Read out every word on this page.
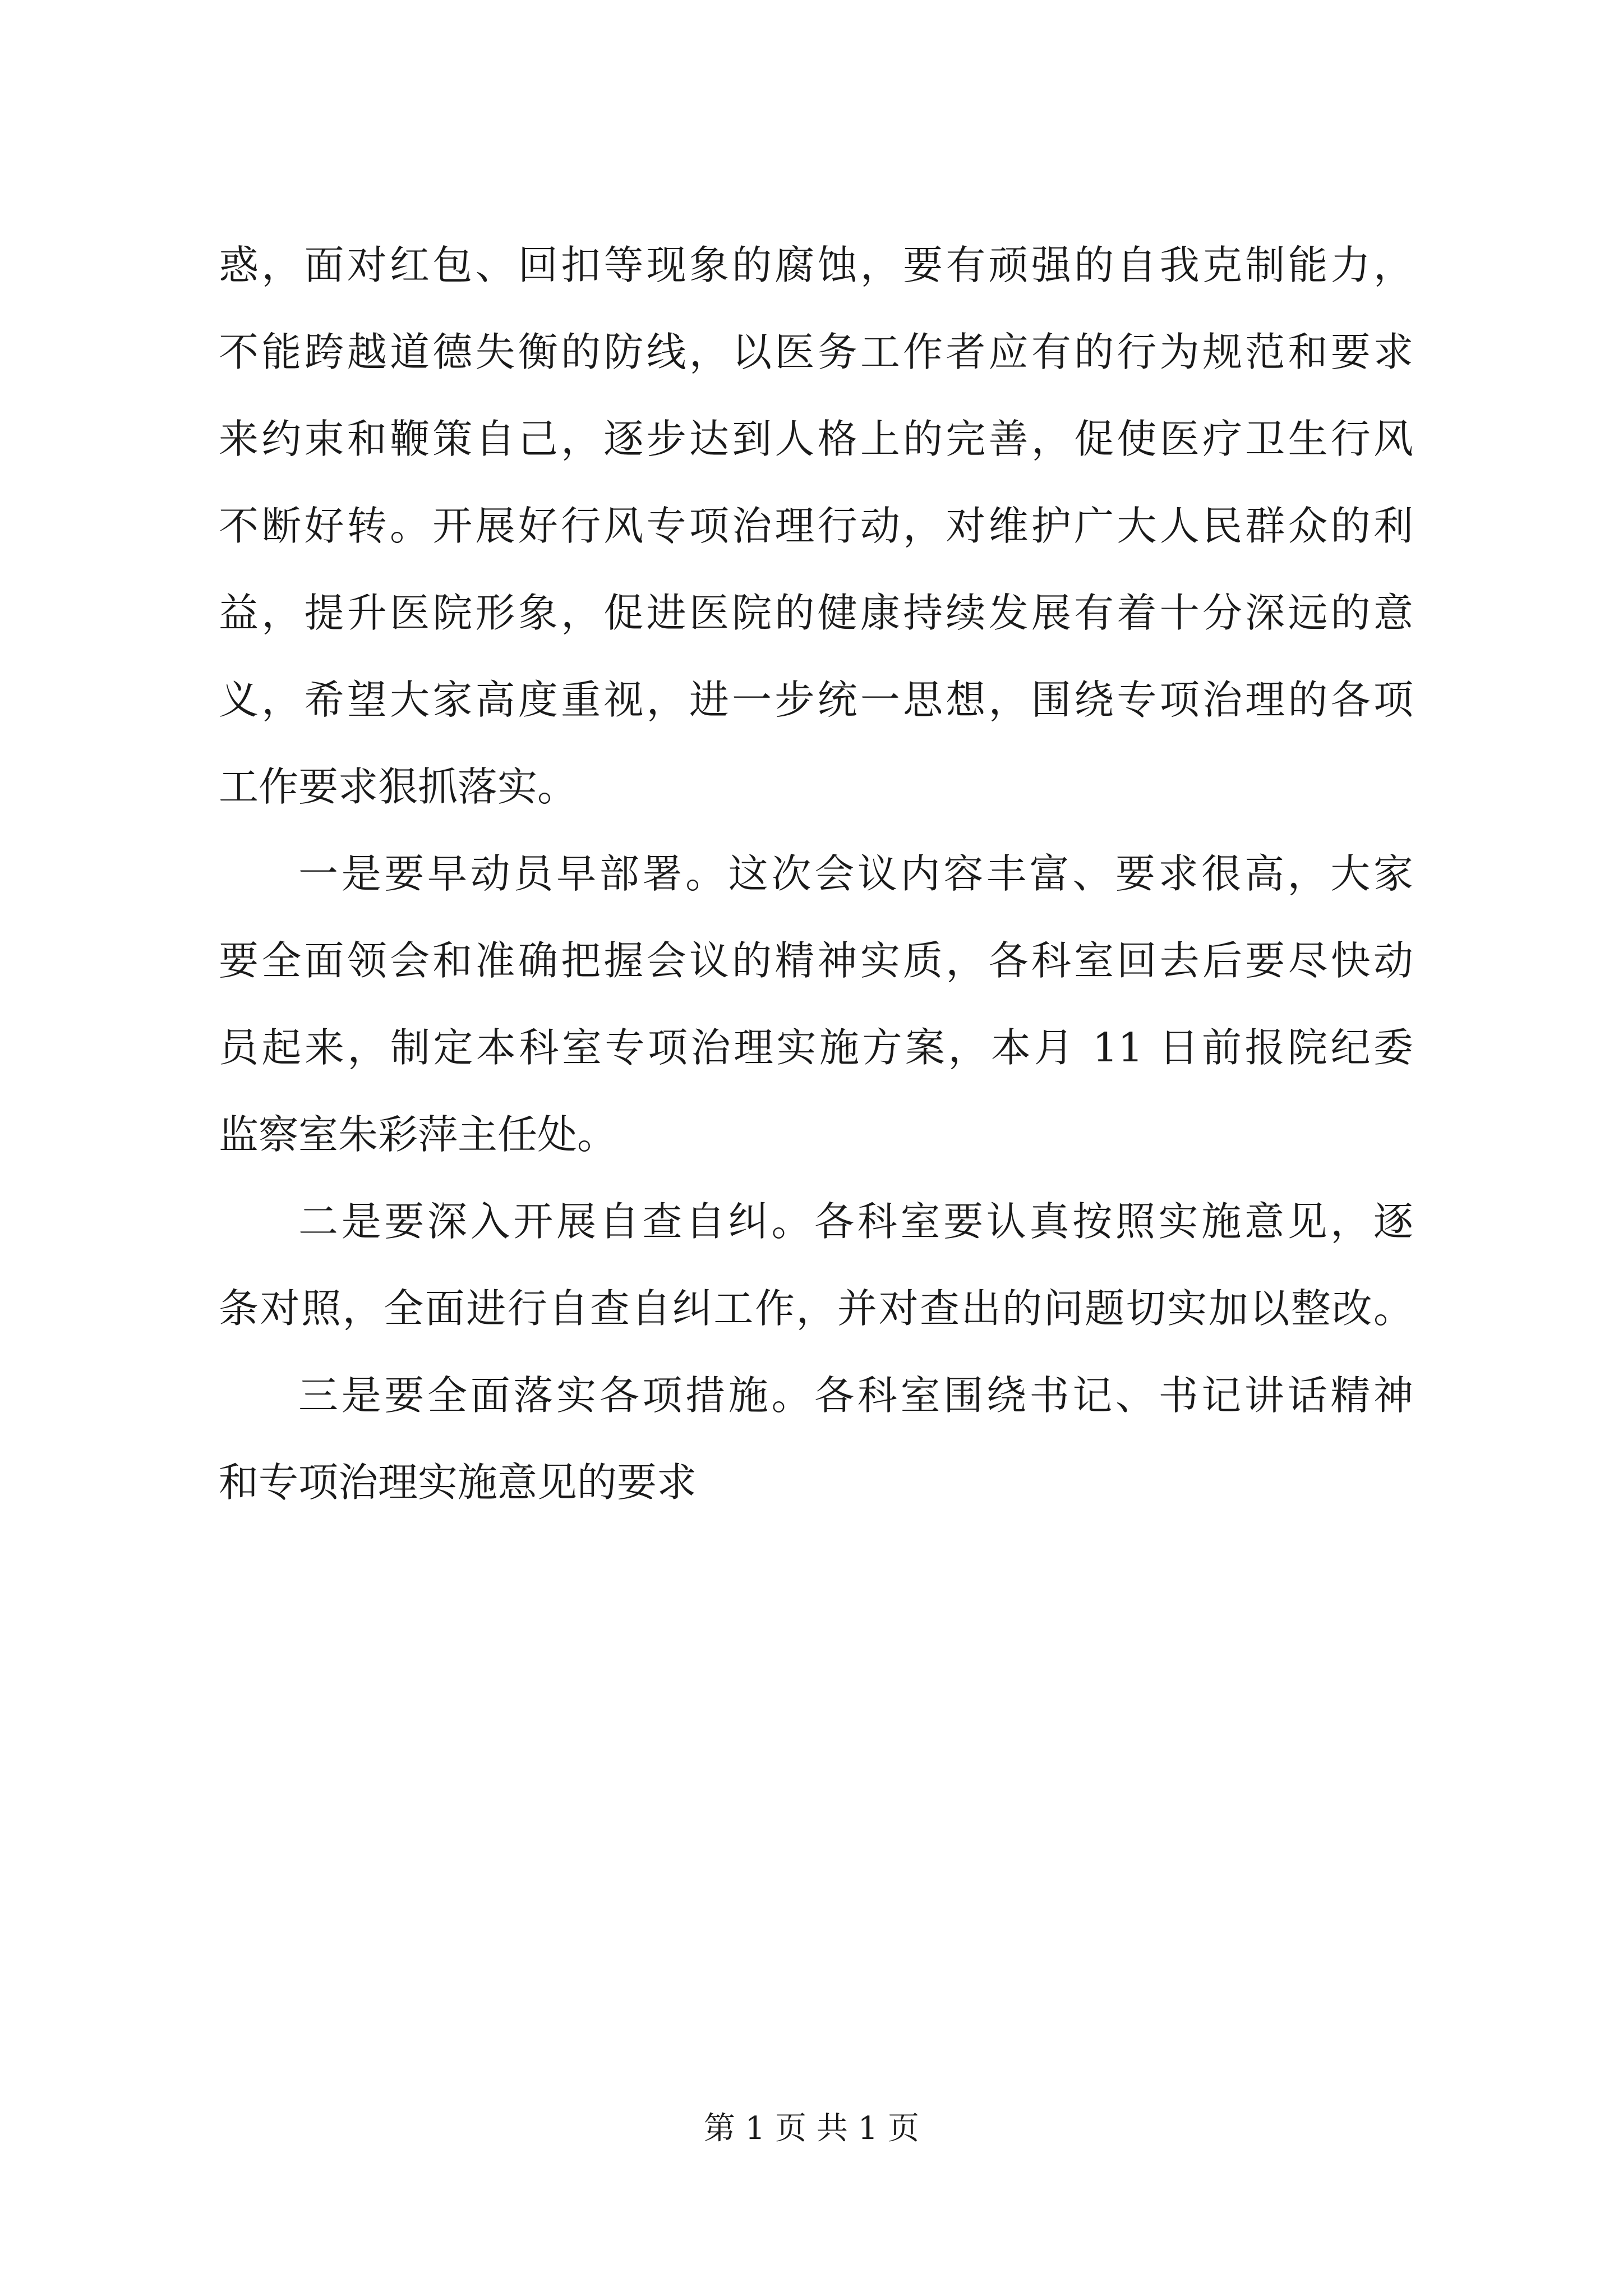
惑，面对红包、回扣等现象的腐蚀，要有顽强的自我克制能力，
不能跨越道德失衡的防线，以医务工作者应有的行为规范和要求
来约束和鞭策自己，逐步达到人格上的完善，促使医疗卫生行风
不断好转。开展好行风专项治理行动，对维护广大人民群众的利
益，提升医院形象，促进医院的健康持续发展有着十分深远的意
义，希望大家高度重视，进一步统一思想，围绕专项治理的各项
工作要求狠抓落实。
一是要早动员早部署。这次会议内容丰富、要求很高，大家
要全面领会和准确把握会议的精神实质，各科室回去后要尽快动
员起来，制定本科室专项治理实施方案，本月 11 日前报院纪委
监察室朱彩萍主任处。
二是要深入开展自查自纠。各科室要认真按照实施意见，逐
条对照，全面进行自查自纠工作，并对查出的问题切实加以整改。
三是要全面落实各项措施。各科室围绕书记、书记讲话精神
和专项治理实施意见的要求
第 1 页 共 1 页
